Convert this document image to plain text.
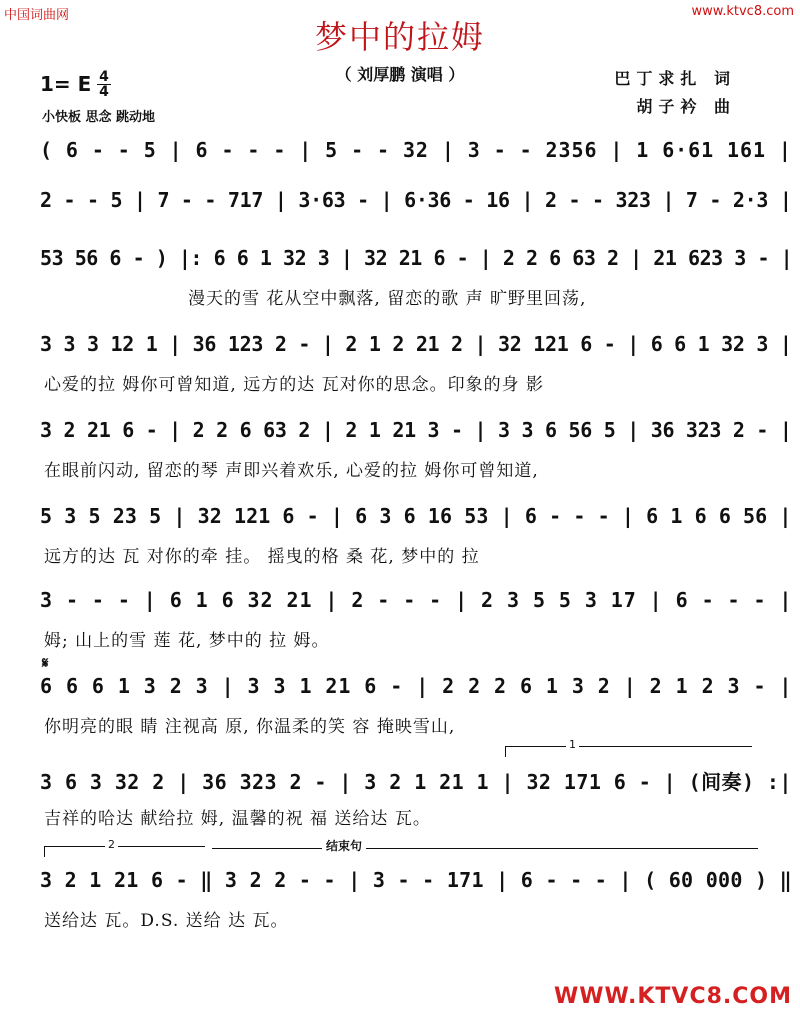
中国词曲网	www.ktvc8.com
梦中的拉姆
（ 刘厚鹏 演唱 ）
1= E 4
4
小快板 思念 跳动地
巴丁求扎 词
胡子衿 曲
( 6 - - 5 | 6 - - - | 5 - - 32 | 3 - - 2356 | 1 6·61 161 |
2 - - 5 | 7 - - 717 | 3·63 - | 6·36 - 16 | 2 - - 323 | 7 - 2·3 |
53 56 6 - ) |: 6 6 1 32 3 | 32 21 6 - | 2 2 6 63 2 | 21 623 3 - |
漫天的雪 花从空中飘落, 留恋的歌 声 旷野里回荡,
3 3 3 12 1 | 36 123 2 - | 2 1 2 21 2 | 32 121 6 - | 6 6 1 32 3 |
心爱的拉 姆你可曾知道, 远方的达 瓦对你的思念。印象的身 影
3 2 21 6 - | 2 2 6 63 2 | 2 1 21 3 - | 3 3 6 56 5 | 36 323 2 - |
在眼前闪动, 留恋的琴 声即兴着欢乐, 心爱的拉 姆你可曾知道,
5 3 5 23 5 | 32 121 6 - | 6 3 6 16 53 | 6 - - - | 6 1 6 6 56 |
远方的达 瓦 对你的牵 挂。 摇曳的格 桑 花, 梦中的 拉
3 - - - | 6 1 6 32 21 | 2 - - - | 2 3 5 5 3 17 | 6 - - - |
姆; 山上的雪 莲 花, 梦中的 拉 姆。
𝄋
6 6 6 1 3 2 3 | 3 3 1 21 6 - | 2 2 2 6 1 3 2 | 2 1 2 3 - |
你明亮的眼 睛 注视高 原, 你温柔的笑 容 掩映雪山,
1
3 6 3 32 2 | 36 323 2 - | 3 2 1 21 1 | 32 171 6 - | (间奏) :|
吉祥的哈达 献给拉 姆, 温馨的祝 福 送给达 瓦。
2	结束句
3 2 1 21 6 - ‖ 3 2 2 - - | 3 - - 171 | 6 - - - | ( 60 000 ) ‖
送给达 瓦。D.S. 送给 达 瓦。
WWW.KTVC8.COM
